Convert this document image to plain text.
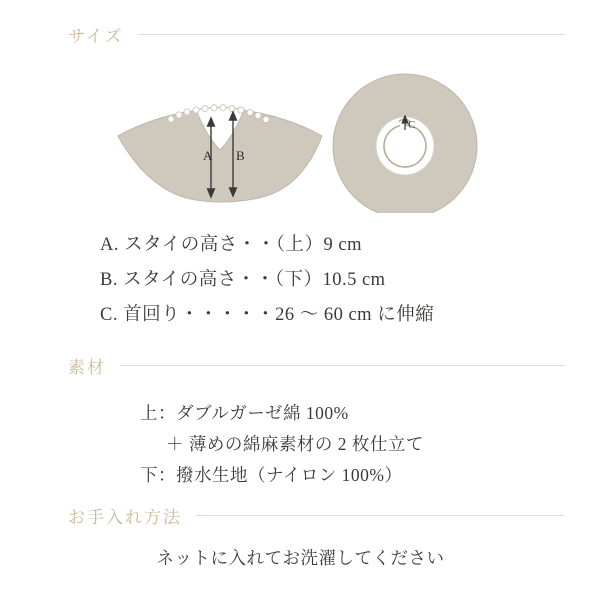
サイズ
A B
C
A. スタイの高さ・・（上）9 cm
B. スタイの高さ・・（下）10.5 cm
C. 首回り・・・・・26 〜 60 cm に伸縮
素材
上：ダブルガーゼ綿 100%
＋ 薄めの綿麻素材の 2 枚仕立て
下：撥水生地（ナイロン 100%）
お手入れ方法
ネットに入れてお洗濯してください
